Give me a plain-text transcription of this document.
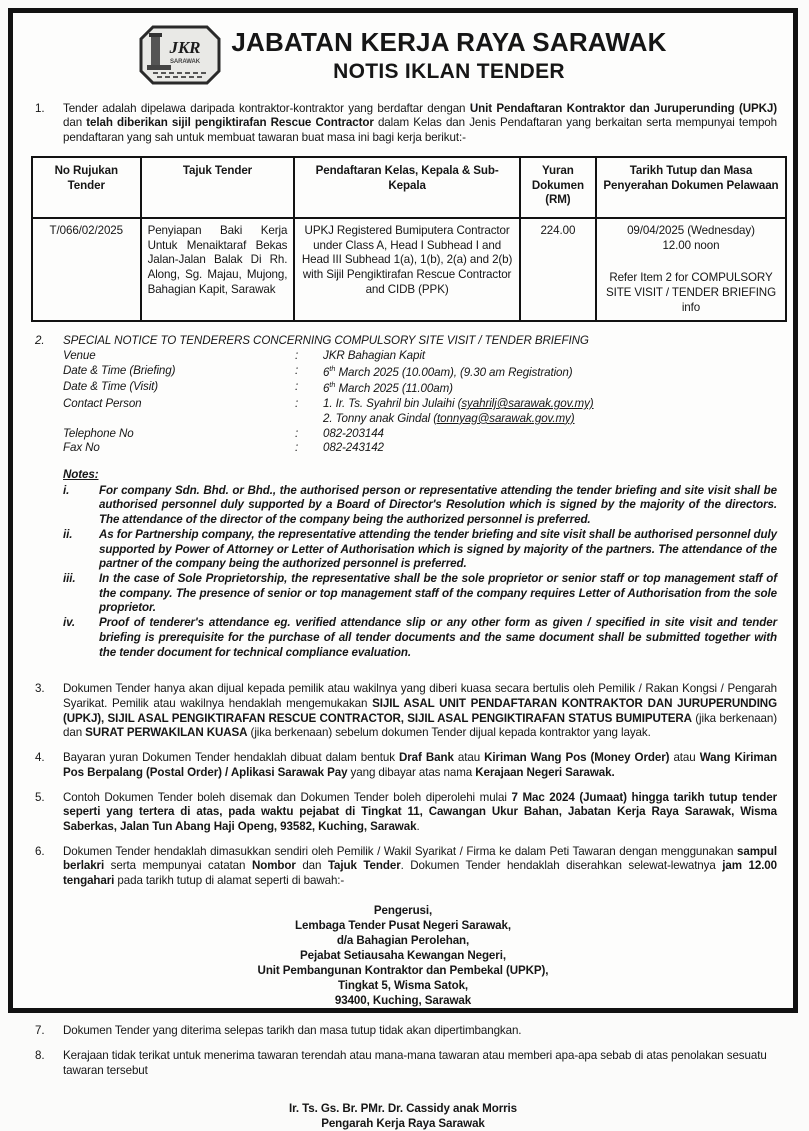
JKR
SARAWAK
JABATAN KERJA RAYA SARAWAK
NOTIS IKLAN TENDER
1.	Tender adalah dipelawa daripada kontraktor-kontraktor yang berdaftar dengan Unit Pendaftaran Kontraktor dan Juruperunding (UPKJ) dan telah diberikan sijil pengiktirafan Rescue Contractor dalam Kelas dan Jenis Pendaftaran yang berkaitan serta mempunyai tempoh pendaftaran yang sah untuk membuat tawaran buat masa ini bagi kerja berikut:-
No Rujukan Tender	Tajuk Tender	Pendaftaran Kelas, Kepala & Sub-Kepala	Yuran Dokumen (RM)	Tarikh Tutup dan Masa Penyerahan Dokumen Pelawaan
T/066/02/2025	Penyiapan Baki Kerja Untuk Menaiktaraf Bekas Jalan-Jalan Balak Di Rh. Along, Sg. Majau, Mujong, Bahagian Kapit, Sarawak	UPKJ Registered Bumiputera Contractor under Class A, Head I Subhead I and Head III Subhead 1(a), 1(b), 2(a) and 2(b) with Sijil Pengiktirafan Rescue Contractor and CIDB (PPK)	224.00	09/04/2025 (Wednesday)
12.00 noon
Refer Item 2 for COMPULSORY SITE VISIT / TENDER BRIEFING info
2.	SPECIAL NOTICE TO TENDERERS CONCERNING COMPULSORY SITE VISIT / TENDER BRIEFING
Venue	:	JKR Bahagian Kapit
Date & Time (Briefing)	:	6th March 2025 (10.00am), (9.30 am Registration)
Date & Time (Visit)	:	6th March 2025 (11.00am)
Contact Person	:	1. Ir. Ts. Syahril bin Julaihi (syahrilj@sarawak.gov.my)
2. Tonny anak Gindal (tonnyag@sarawak.gov.my)
Telephone No	:	082-203144
Fax No	:	082-243142
Notes:
i.	For company Sdn. Bhd. or Bhd., the authorised person or representative attending the tender briefing and site visit shall be authorised personnel duly supported by a Board of Director's Resolution which is signed by the majority of the directors. The attendance of the director of the company being the authorized personnel is preferred.
ii.	As for Partnership company, the representative attending the tender briefing and site visit shall be authorised personnel duly supported by Power of Attorney or Letter of Authorisation which is signed by majority of the partners. The attendance of the partner of the company being the authorized personnel is preferred.
iii.	In the case of Sole Proprietorship, the representative shall be the sole proprietor or senior staff or top management staff of the company. The presence of senior or top management staff of the company requires Letter of Authorisation from the sole proprietor.
iv.	Proof of tenderer's attendance eg. verified attendance slip or any other form as given / specified in site visit and tender briefing is prerequisite for the purchase of all tender documents and the same document shall be submitted together with the tender document for technical compliance evaluation.
3.	Dokumen Tender hanya akan dijual kepada pemilik atau wakilnya yang diberi kuasa secara bertulis oleh Pemilik / Rakan Kongsi / Pengarah Syarikat. Pemilik atau wakilnya hendaklah mengemukakan SIJIL ASAL UNIT PENDAFTARAN KONTRAKTOR DAN JURUPERUNDING (UPKJ), SIJIL ASAL PENGIKTIRAFAN RESCUE CONTRACTOR, SIJIL ASAL PENGIKTIRAFAN STATUS BUMIPUTERA (jika berkenaan) dan SURAT PERWAKILAN KUASA (jika berkenaan) sebelum dokumen Tender dijual kepada kontraktor yang layak.
4.	Bayaran yuran Dokumen Tender hendaklah dibuat dalam bentuk Draf Bank atau Kiriman Wang Pos (Money Order) atau Wang Kiriman Pos Berpalang (Postal Order) / Aplikasi Sarawak Pay yang dibayar atas nama Kerajaan Negeri Sarawak.
5.	Contoh Dokumen Tender boleh disemak dan Dokumen Tender boleh diperolehi mulai 7 Mac 2024 (Jumaat) hingga tarikh tutup tender seperti yang tertera di atas, pada waktu pejabat di Tingkat 11, Cawangan Ukur Bahan, Jabatan Kerja Raya Sarawak, Wisma Saberkas, Jalan Tun Abang Haji Openg, 93582, Kuching, Sarawak.
6.	Dokumen Tender hendaklah dimasukkan sendiri oleh Pemilik / Wakil Syarikat / Firma ke dalam Peti Tawaran dengan menggunakan sampul berlakri serta mempunyai catatan Nombor dan Tajuk Tender. Dokumen Tender hendaklah diserahkan selewat-lewatnya jam 12.00 tengahari pada tarikh tutup di alamat seperti di bawah:-
Pengerusi,
Lembaga Tender Pusat Negeri Sarawak,
d/a Bahagian Perolehan,
Pejabat Setiausaha Kewangan Negeri,
Unit Pembangunan Kontraktor dan Pembekal (UPKP),
Tingkat 5, Wisma Satok,
93400, Kuching, Sarawak
7.	Dokumen Tender yang diterima selepas tarikh dan masa tutup tidak akan dipertimbangkan.
8.	Kerajaan tidak terikat untuk menerima tawaran terendah atau mana-mana tawaran atau memberi apa-apa sebab di atas penolakan sesuatu tawaran tersebut
Ir. Ts. Gs. Br. PMr. Dr. Cassidy anak Morris
Pengarah Kerja Raya Sarawak
